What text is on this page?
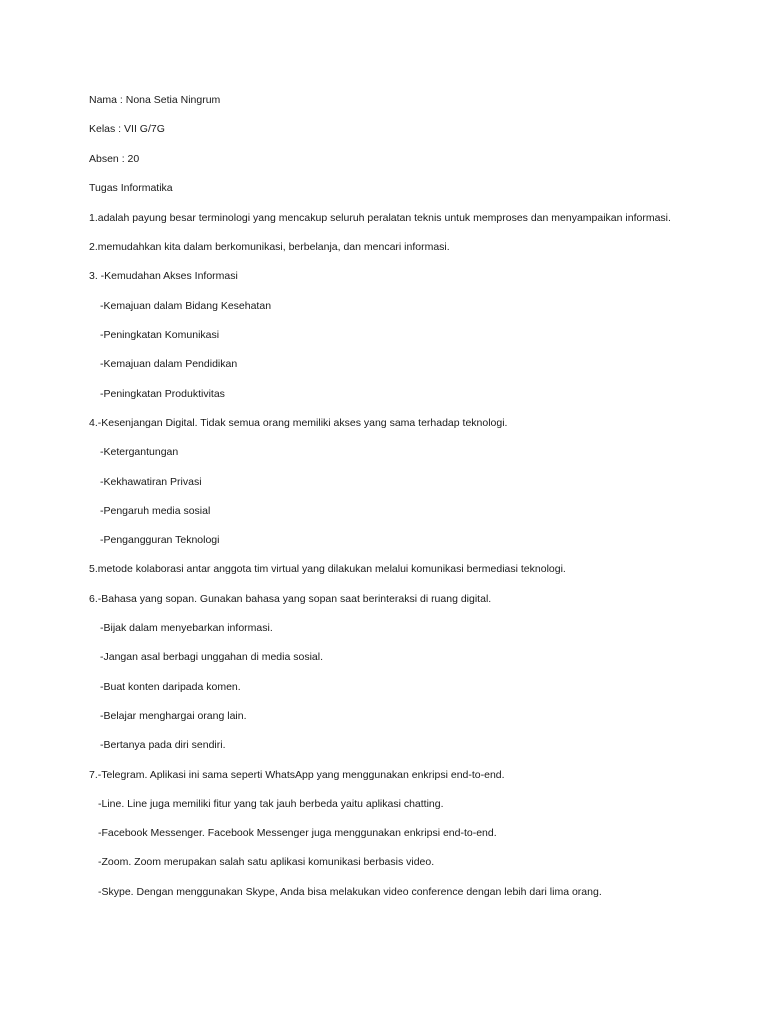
Nama : Nona Setia Ningrum
Kelas : VII G/7G
Absen : 20
Tugas Informatika
1.adalah payung besar terminologi yang mencakup seluruh peralatan teknis untuk memproses dan menyampaikan informasi.
2.memudahkan kita dalam berkomunikasi, berbelanja, dan mencari informasi.
3. -Kemudahan Akses Informasi
-Kemajuan dalam Bidang Kesehatan
-Peningkatan Komunikasi
-Kemajuan dalam Pendidikan
-Peningkatan Produktivitas
4.-Kesenjangan Digital. Tidak semua orang memiliki akses yang sama terhadap teknologi.
-Ketergantungan
-Kekhawatiran Privasi
-Pengaruh media sosial
-Pengangguran Teknologi
5.metode kolaborasi antar anggota tim virtual yang dilakukan melalui komunikasi bermediasi teknologi.
6.-Bahasa yang sopan. Gunakan bahasa yang sopan saat berinteraksi di ruang digital.
-Bijak dalam menyebarkan informasi.
-Jangan asal berbagi unggahan di media sosial.
-Buat konten daripada komen.
-Belajar menghargai orang lain.
-Bertanya pada diri sendiri.
7.-Telegram. Aplikasi ini sama seperti WhatsApp yang menggunakan enkripsi end-to-end.
-Line. Line juga memiliki fitur yang tak jauh berbeda yaitu aplikasi chatting.
-Facebook Messenger. Facebook Messenger juga menggunakan enkripsi end-to-end.
-Zoom. Zoom merupakan salah satu aplikasi komunikasi berbasis video.
-Skype. Dengan menggunakan Skype, Anda bisa melakukan video conference dengan lebih dari lima orang.
